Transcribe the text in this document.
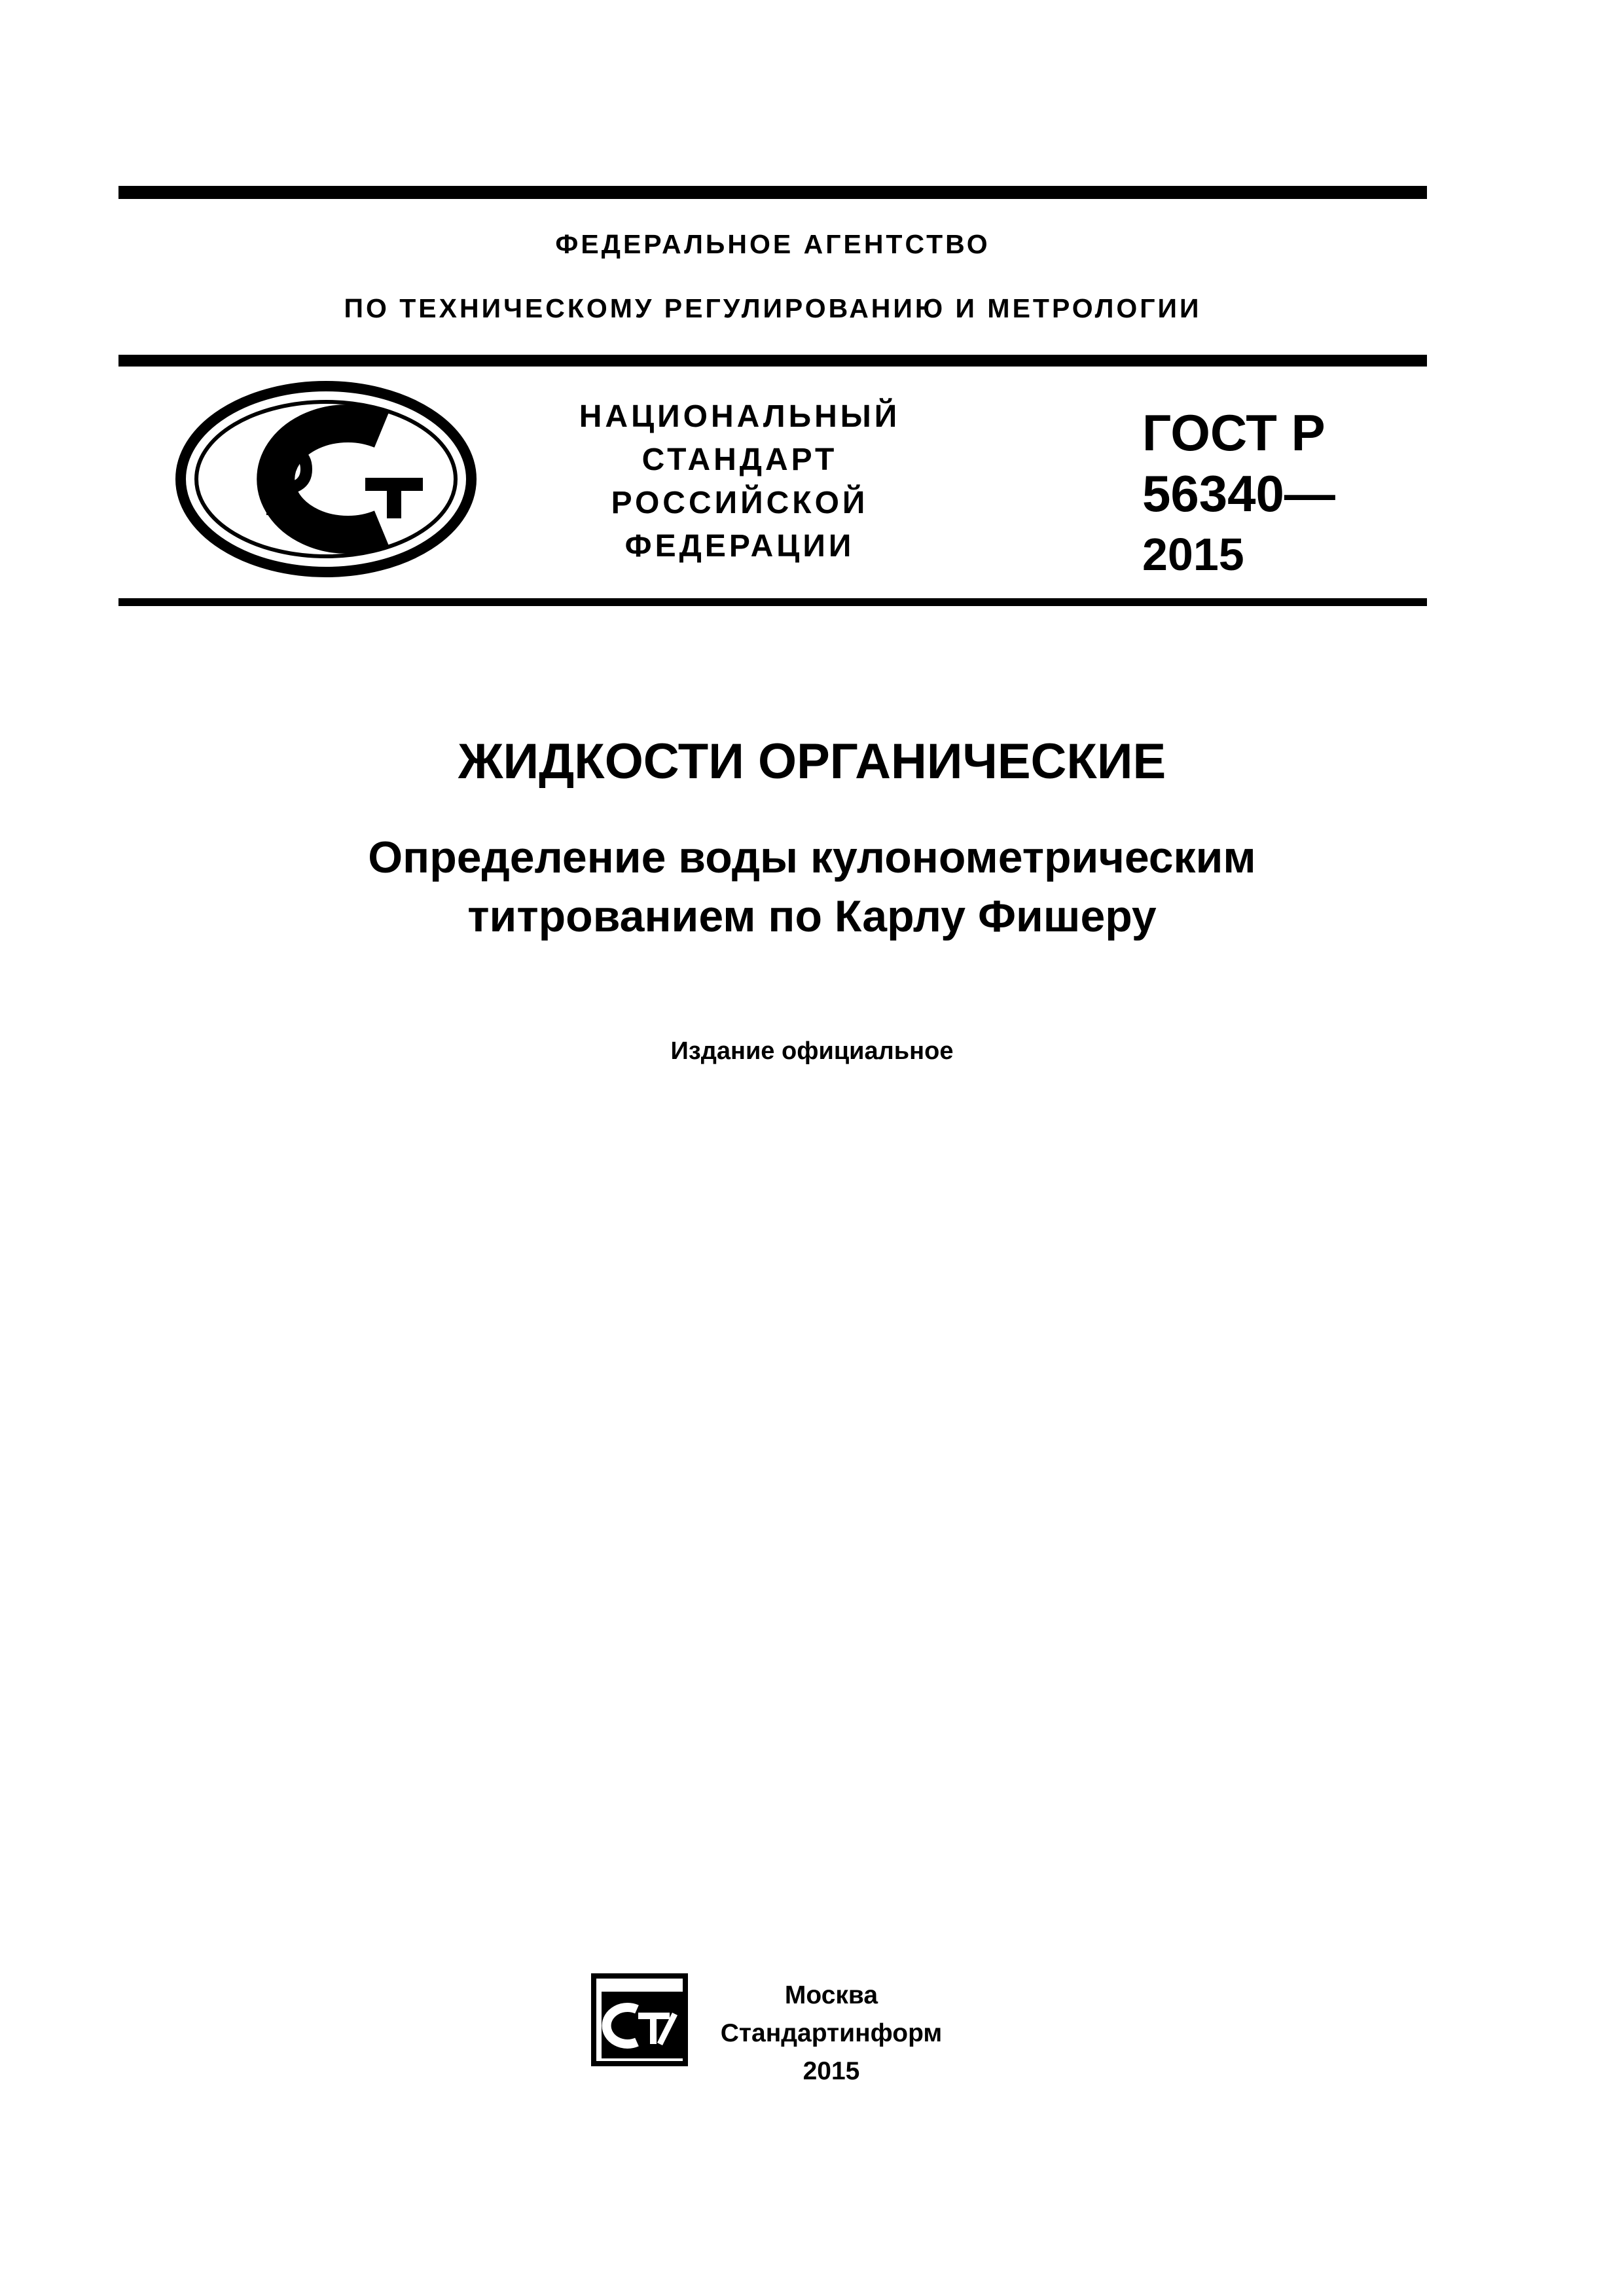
ФЕДЕРАЛЬНОЕ АГЕНТСТВО
ПО ТЕХНИЧЕСКОМУ РЕГУЛИРОВАНИЮ И МЕТРОЛОГИИ
НАЦИОНАЛЬНЫЙ
СТАНДАРТ
РОССИЙСКОЙ
ФЕДЕРАЦИИ
ГОСТ Р
56340—
2015
ЖИДКОСТИ ОРГАНИЧЕСКИЕ
Определение воды кулонометрическим
титрованием по Карлу Фишеру
Издание официальное
Москва
Стандартинформ
2015
